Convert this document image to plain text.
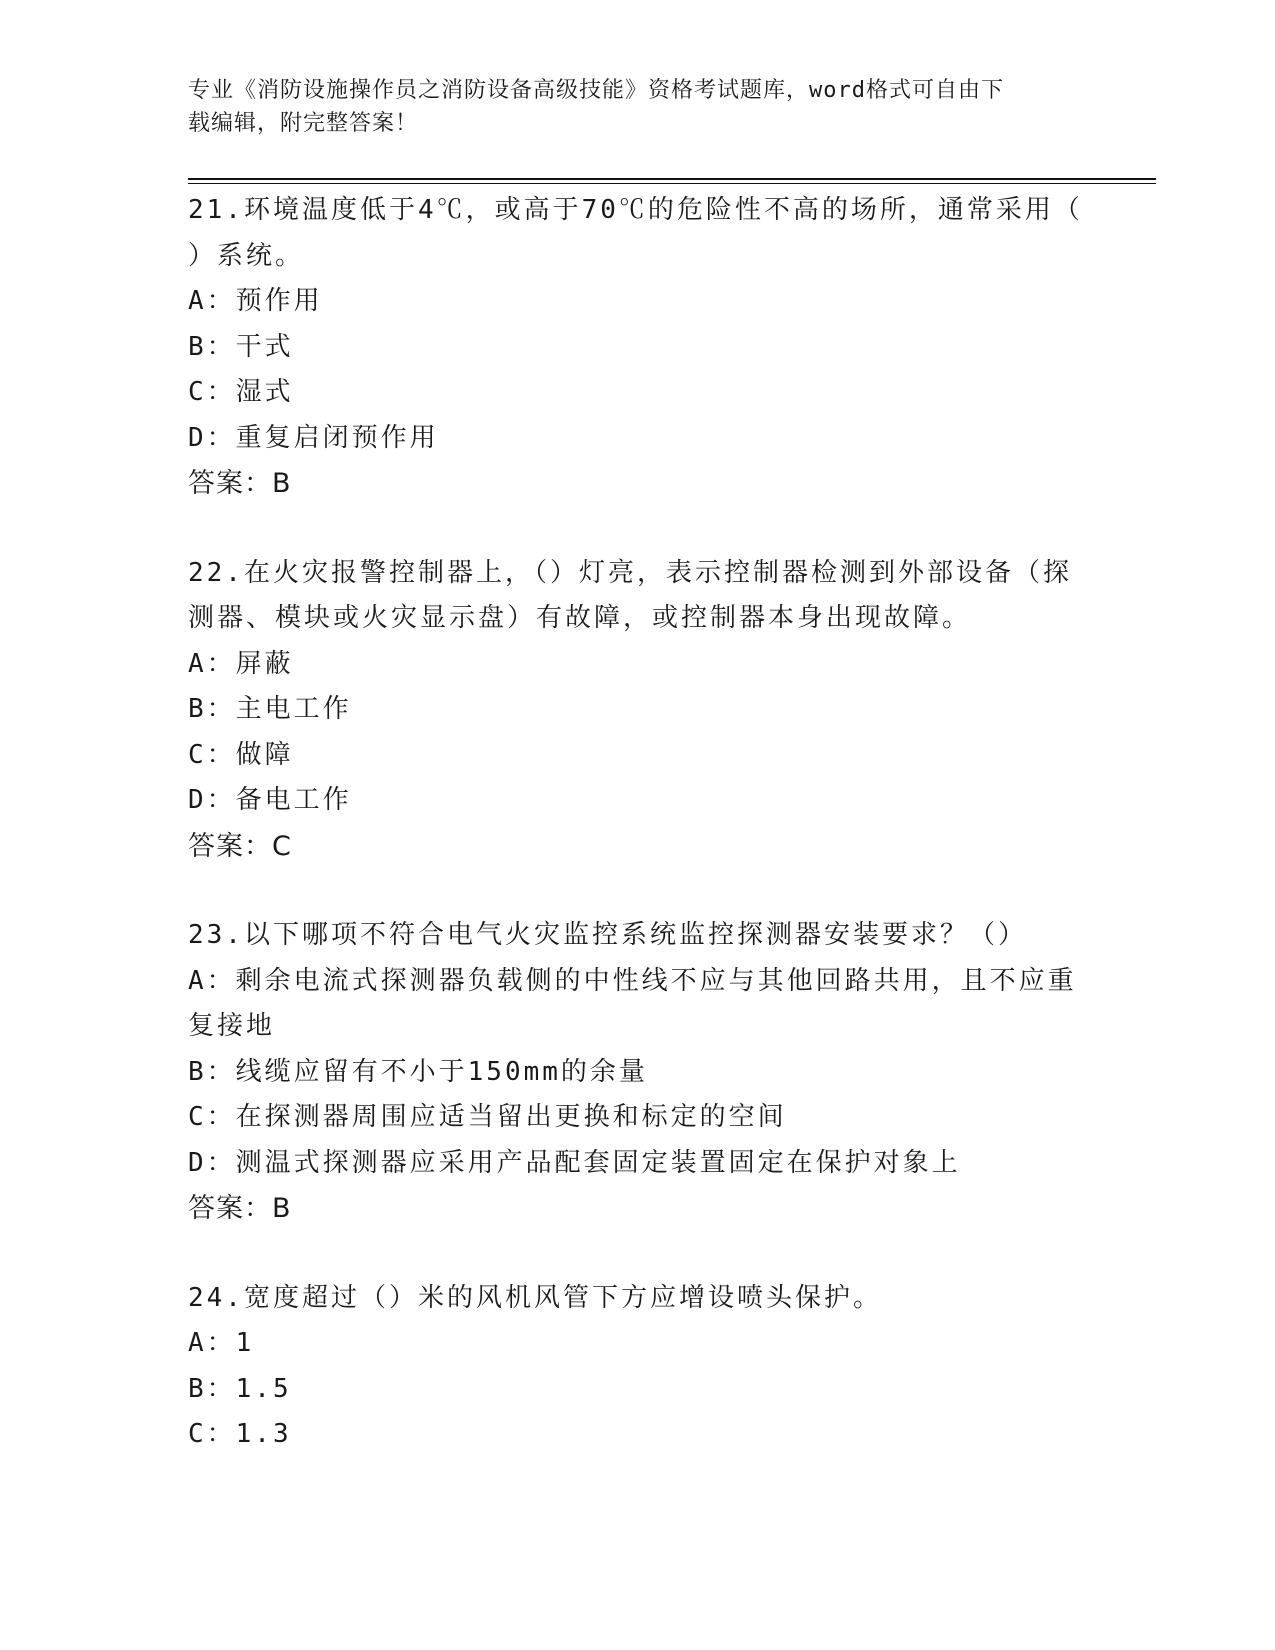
专业《消防设施操作员之消防设备高级技能》资格考试题库，word格式可自由下
载编辑，附完整答案！
21.环境温度低于4℃，或高于70℃的危险性不高的场所，通常采用（
）系统。
A：预作用
B：干式
C：湿式
D：重复启闭预作用
答案：B
22.在火灾报警控制器上，（）灯亮，表示控制器检测到外部设备（探
测器、模块或火灾显示盘）有故障，或控制器本身出现故障。
A：屏蔽
B：主电工作
C：做障
D：备电工作
答案：C
23.以下哪项不符合电气火灾监控系统监控探测器安装要求？（）
A：剩余电流式探测器负载侧的中性线不应与其他回路共用，且不应重
复接地
B：线缆应留有不小于150mm的余量
C：在探测器周围应适当留出更换和标定的空间
D：测温式探测器应采用产品配套固定装置固定在保护对象上
答案：B
24.宽度超过（）米的风机风管下方应增设喷头保护。
A：1
B：1.5
C：1.3
